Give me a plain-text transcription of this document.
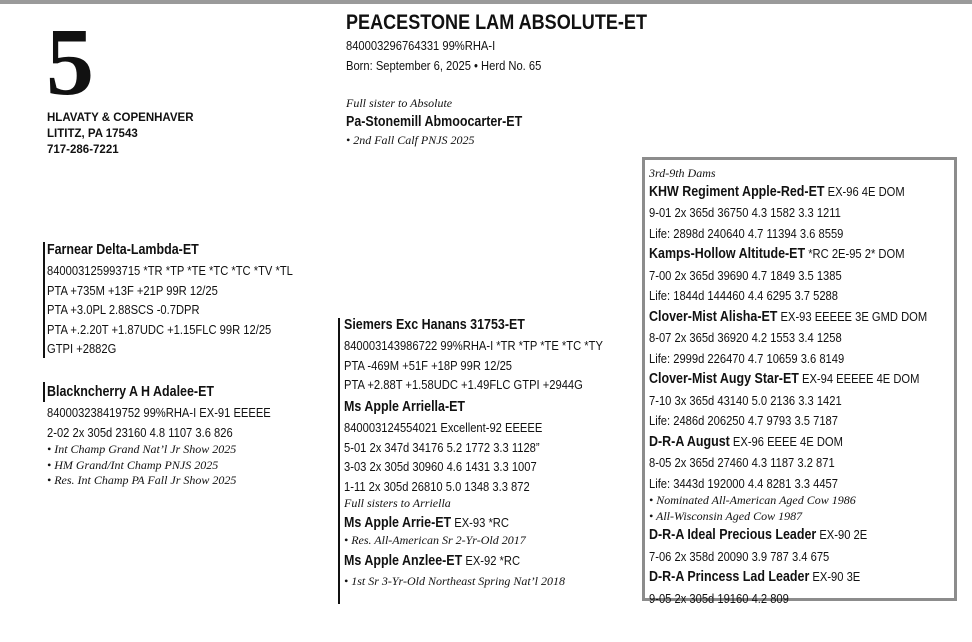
5
HLAVATY & COPENHAVER
LITITZ, PA 17543
717-286-7221
PEACESTONE LAM ABSOLUTE-ET
840003296764331 99%RHA-I
Born: September 6, 2025 • Herd No. 65
Full sister to Absolute
Pa-Stonemill Abmoocarter-ET
• 2nd Fall Calf PNJS 2025
Farnear Delta-Lambda-ET
840003125993715 *TR *TP *TE *TC *TC *TV *TL
PTA +735M +13F +21P 99R 12/25
PTA +3.0PL 2.88SCS -0.7DPR
PTA +.2.20T +1.87UDC +1.15FLC 99R 12/25
GTPI +2882G
Blackncherry A H Adalee-ET
840003238419752 99%RHA-I EX-91 EEEEE
2-02 2x 305d 23160 4.8 1107 3.6 826
• Int Champ Grand Nat’l Jr Show 2025
• HM Grand/Int Champ PNJS 2025
• Res. Int Champ PA Fall Jr Show 2025
Siemers Exc Hanans 31753-ET
840003143986722 99%RHA-I *TR *TP *TE *TC *TY
PTA -469M +51F +18P 99R 12/25
PTA +2.88T +1.58UDC +1.49FLC GTPI +2944G
Ms Apple Arriella-ET
840003124554021 Excellent-92 EEEEE
5-01 2x 347d 34176 5.2 1772 3.3 1128”
3-03 2x 305d 30960 4.6 1431 3.3 1007
1-11 2x 305d 26810 5.0 1348 3.3 872
Full sisters to Arriella
Ms Apple Arrie-ET EX-93 *RC
• Res. All-American Sr 2-Yr-Old 2017
Ms Apple Anzlee-ET EX-92 *RC
• 1st Sr 3-Yr-Old Northeast Spring Nat’l 2018
3rd-9th Dams
KHW Regiment Apple-Red-ET EX-96 4E DOM
9-01 2x 365d 36750 4.3 1582 3.3 1211
Life: 2898d 240640 4.7 11394 3.6 8559
Kamps-Hollow Altitude-ET *RC 2E-95 2* DOM
7-00 2x 365d 39690 4.7 1849 3.5 1385
Life: 1844d 144460 4.4 6295 3.7 5288
Clover-Mist Alisha-ET EX-93 EEEEE 3E GMD DOM
8-07 2x 365d 36920 4.2 1553 3.4 1258
Life: 2999d 226470 4.7 10659 3.6 8149
Clover-Mist Augy Star-ET EX-94 EEEEE 4E DOM
7-10 3x 365d 43140 5.0 2136 3.3 1421
Life: 2486d 206250 4.7 9793 3.5 7187
D-R-A August EX-96 EEEE 4E DOM
8-05 2x 365d 27460 4.3 1187 3.2 871
Life: 3443d 192000 4.4 8281 3.3 4457
• Nominated All-American Aged Cow 1986
• All-Wisconsin Aged Cow 1987
D-R-A Ideal Precious Leader EX-90 2E
7-06 2x 358d 20090 3.9 787 3.4 675
D-R-A Princess Lad Leader EX-90 3E
9-05 2x 305d 19160 4.2 809
